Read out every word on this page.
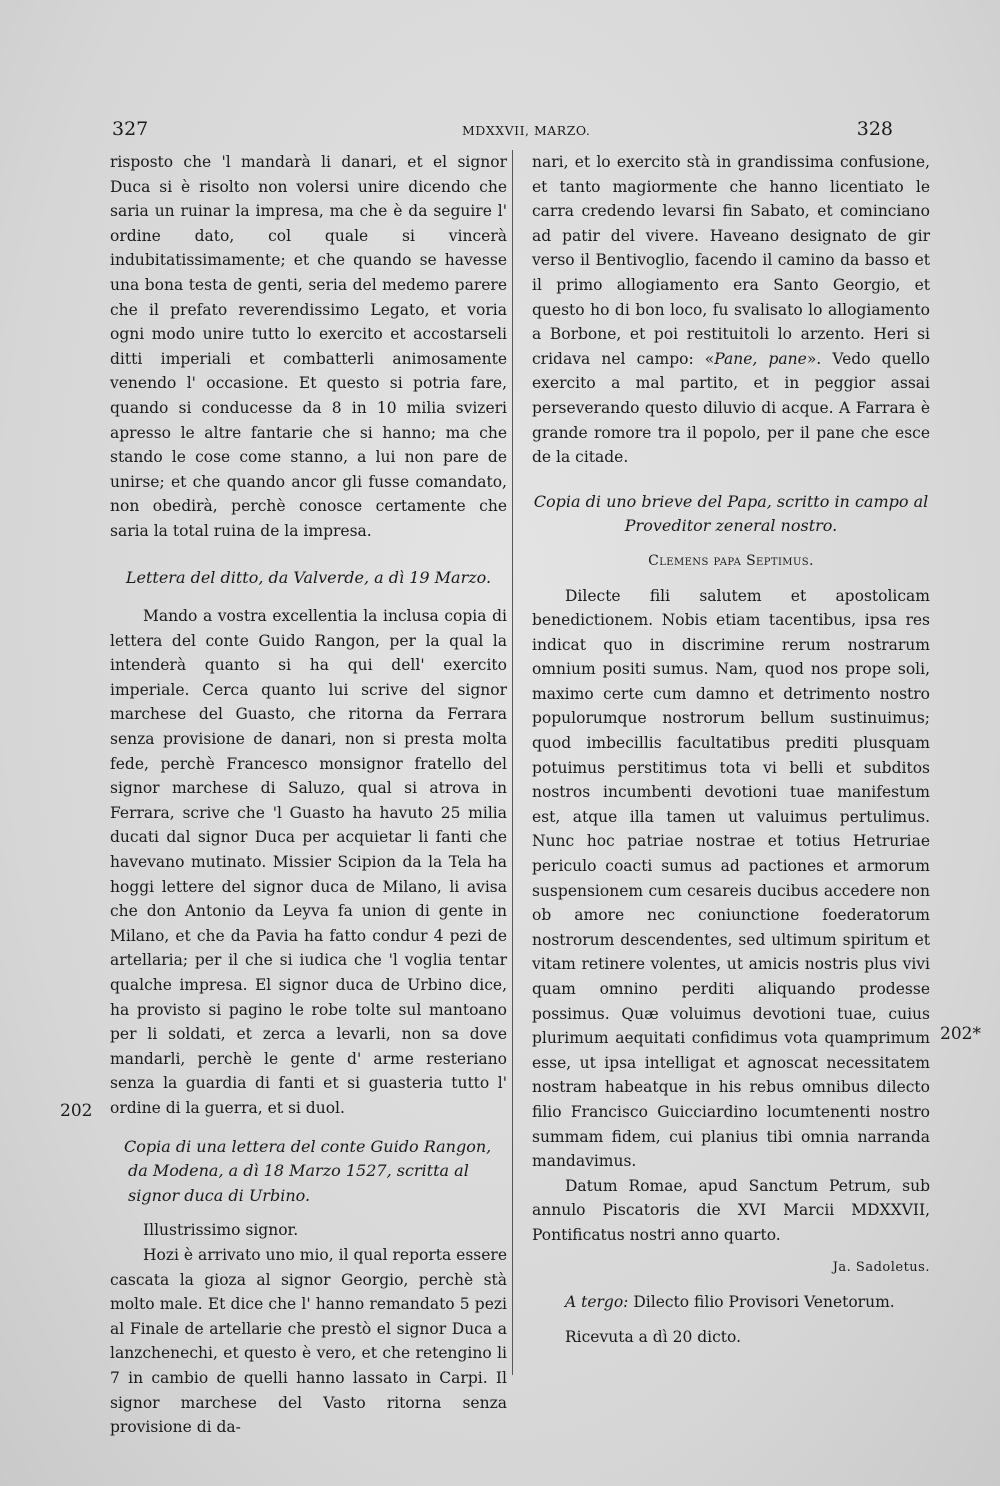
327	MDXXVII, MARZO.	328

risposto che 'l mandarà li danari, et el signor Duca si è risolto non volersi unire dicendo che saria un ruinar la impresa, ma che è da seguire l' ordine dato, col quale si vincerà indubitatissimamente; et che quando se havesse una bona testa de genti, seria del medemo parere che il prefato reverendissimo Legato, et voria ogni modo unire tutto lo exercito et accostarseli ditti imperiali et combatterli animosamente venendo l' occasione. Et questo si potria fare, quando si conducesse da 8 in 10 milia svizeri apresso le altre fantarie che si hanno; ma che stando le cose come stanno, a lui non pare de unirse; et che quando ancor gli fusse comandato, non obedirà, perchè conosce certamente che saria la total ruina de la impresa.

Lettera del ditto, da Valverde, a dì 19 Marzo.

Mando a vostra excellentia la inclusa copia di lettera del conte Guido Rangon, per la qual la intenderà quanto si ha qui dell' exercito imperiale. Cerca quanto lui scrive del signor marchese del Guasto, che ritorna da Ferrara senza provisione de danari, non si presta molta fede, perchè Francesco monsignor fratello del signor marchese di Saluzo, qual si atrova in Ferrara, scrive che 'l Guasto ha havuto 25 milia ducati dal signor Duca per acquietar li fanti che havevano mutinato. Missier Scipion da la Tela ha hoggi lettere del signor duca de Milano, li avisa che don Antonio da Leyva fa union di gente in Milano, et che da Pavia ha fatto condur 4 pezi de artellaria; per il che si iudica che 'l voglia tentar qualche impresa. El signor duca de Urbino dice, ha provisto si pagino le robe tolte sul mantoano per li soldati, et zerca a levarli, non sa dove mandarli, perchè le gente d' arme resteriano senza la guardia di fanti et si guasteria tutto l' ordine di la guerra, et si duol.

Copia di una lettera del conte Guido Rangon, da Modena, a dì 18 Marzo 1527, scritta al signor duca di Urbino.

Illustrissimo signor.

Hozi è arrivato uno mio, il qual reporta essere cascata la gioza al signor Georgio, perchè stà molto male. Et dice che l' hanno remandato 5 pezi al Finale de artellarie che prestò el signor Duca a lanzchenechi, et questo è vero, et che retengino li 7 in cambio de quelli hanno lassato in Carpi. Il signor marchese del Vasto ritorna senza provisione di da-

nari, et lo exercito stà in grandissima confusione, et tanto magiormente che hanno licentiato le carra credendo levarsi fin Sabato, et cominciano ad patir del vivere. Haveano designato de gir verso il Bentivoglio, facendo il camino da basso et il primo allogiamento era Santo Georgio, et questo ho di bon loco, fu svalisato lo allogiamento a Borbone, et poi restituitoli lo arzento. Heri si cridava nel campo: «Pane, pane». Vedo quello exercito a mal partito, et in peggior assai perseverando questo diluvio di acque. A Farrara è grande romore tra il popolo, per il pane che esce de la citade.

Copia di uno brieve del Papa, scritto in campo al Proveditor zeneral nostro.

Clemens papa Septimus.

Dilecte fili salutem et apostolicam benedictionem. Nobis etiam tacentibus, ipsa res indicat quo in discrimine rerum nostrarum omnium positi sumus. Nam, quod nos prope soli, maximo certe cum damno et detrimento nostro populorumque nostrorum bellum sustinuimus; quod imbecillis facultatibus prediti plusquam potuimus perstitimus tota vi belli et subditos nostros incumbenti devotioni tuae manifestum est, atque illa tamen ut valuimus pertulimus. Nunc hoc patriae nostrae et totius Hetruriae periculo coacti sumus ad pactiones et armorum suspensionem cum cesareis ducibus accedere non ob amore nec coniunctione foederatorum nostrorum descendentes, sed ultimum spiritum et vitam retinere volentes, ut amicis nostris plus vivi quam omnino perditi aliquando prodesse possimus. Quæ voluimus devotioni tuae, cuius plurimum aequitati confidimus vota quamprimum esse, ut ipsa intelligat et agnoscat necessitatem nostram habeatque in his rebus omnibus dilecto filio Francisco Guicciardino locumtenenti nostro summam fidem, cui planius tibi omnia narranda mandavimus.

Datum Romae, apud Sanctum Petrum, sub annulo Piscatoris die XVI Marcii MDXXVII, Pontificatus nostri anno quarto.

Ja. Sadoletus.

A tergo: Dilecto filio Provisori Venetorum.

Ricevuta a dì 20 dicto.

202
202*
